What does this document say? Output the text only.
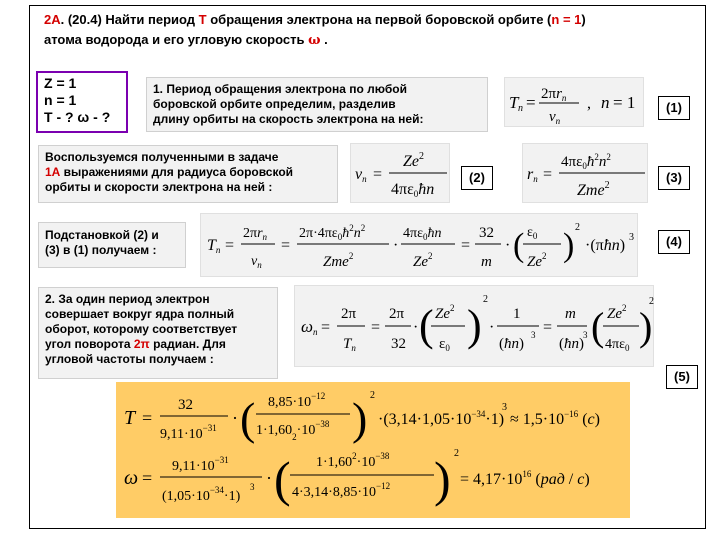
2А. (20.4) Найти период T обращения электрона на первой боровской орбите (n = 1)
атома водорода и его угловую скорость ω .
Z = 1
n = 1
T - ? ω - ?
1. Период обращения электрона по любой
боровской орбите определим, разделив
длину орбиты на скорость электрона на ней:
T $n = 2\pi r_n$
$v_n$
, n = 1	(1)
Воспользуемся полученными в задаче
1А выражениями для радиуса боровской
орбиты и скорости электрона на ней :
vn =
$Ze^2$
4πε0ħn
(2)	rn =
$4\pi\varepsilon_0ħ^2n^2$
Zme$^2$
(3)
Подстановкой (2) и
(3) в (1) получаем :	Tn =
$2\pi r_n$
$v_n$
=
$2\pi\cdot 4\pi\varepsilon_0ħ^2n^2$
Zme$^2$
·
$4\pi\varepsilon_0ħn$
$Ze^2$
=
32
m
· ( $\varepsilon_0$
Ze$^2$ ) 2
·(πħn) 3	(4)
2. За один период электрон
совершает вокруг ядра полный
оборот, которому соответствует
угол поворота 2π радиан. Для
угловой частоты получаем :
ωn =
2π
$T_n$
=
2π
32
· ( Ze$^2$
$\varepsilon_0$ )
2
·
1
(ħn)
3 =
m
(ħn)
3 ( Ze$^2$
$4\pi\varepsilon_0$ )
2
(5)
T =
32
$9,11\cdot 10^{-31}$ · ( $8,85\cdot 10^{-12}$
$1\cdot 1,60_2\cdot 10^{-38}$ ) 2
$\cdot(3,14\cdot 1,05\cdot 10^{-34}\cdot 1)$
3
≈ $1,5\cdot 10^{-16}$ (c)
ω =
$9,11\cdot 10^{-31}$
$(1,05\cdot 10^{-34}\cdot 1)$
3 · ( $1\cdot 1,60^2\cdot 10^{-38}$
$4\cdot 3,14\cdot 8,85\cdot 10^{-12}$ ) 2
= $4,17\cdot 10^{16}$ (рад / c)
